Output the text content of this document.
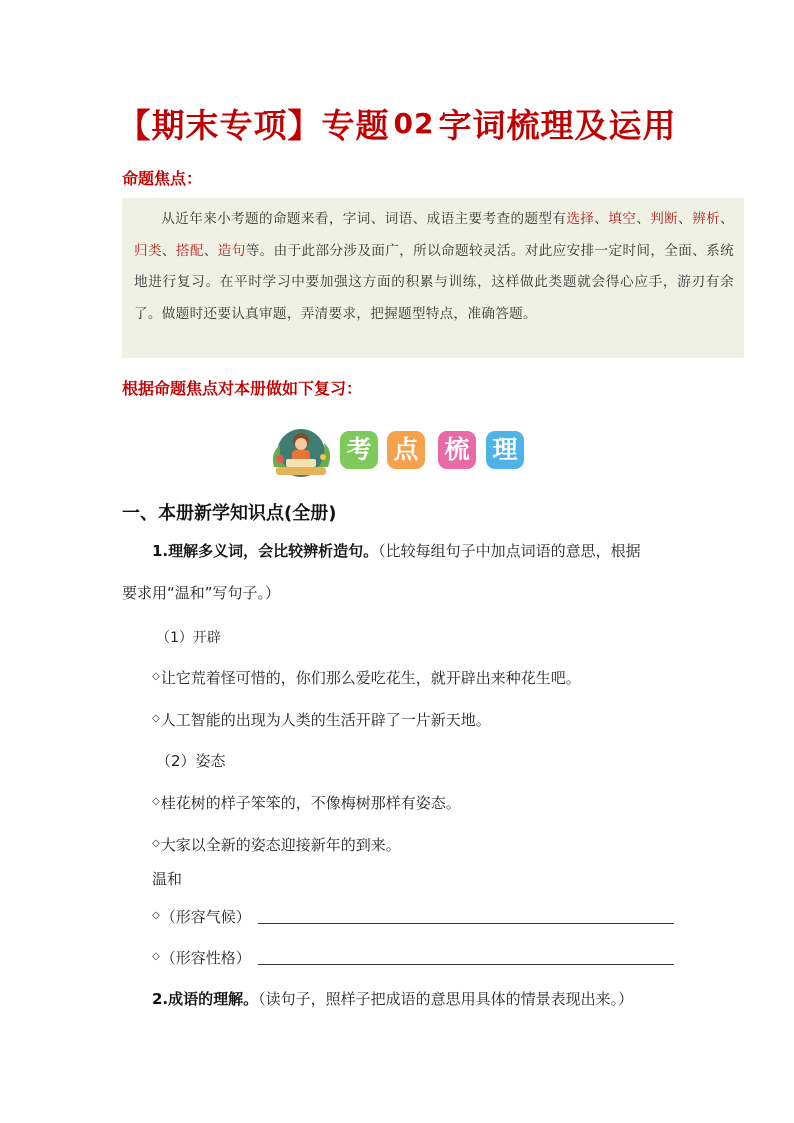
【期末专项】专题 02 字词梳理及运用
命题焦点：
从近年来小考题的命题来看，字词、词语、成语主要考查的题型有选择、填空、判断、辨析、归类、搭配、造句等。由于此部分涉及面广，所以命题较灵活。对此应安排一定时间，全面、系统地进行复习。在平时学习中要加强这方面的积累与训练，这样做此类题就会得心应手，游刃有余了。做题时还要认真审题，弄清要求，把握题型特点，准确答题。
根据命题焦点对本册做如下复习：
考 点 梳 理
一、本册新学知识点(全册)
1.理解多义词，会比较辨析造句。（比较每组句子中加点词语的意思，根据
要求用“温和”写句子。）
（1）开辟
◇让它荒着怪可惜的，你们那么爱吃花生，就开辟出来种花生吧。
◇人工智能的出现为人类的生活开辟了一片新天地。
（2）姿态
◇桂花树的样子笨笨的，不像梅树那样有姿态。
◇大家以全新的姿态迎接新年的到来。
温和
◇（形容气候）
◇（形容性格）
2.成语的理解。（读句子，照样子把成语的意思用具体的情景表现出来。）
